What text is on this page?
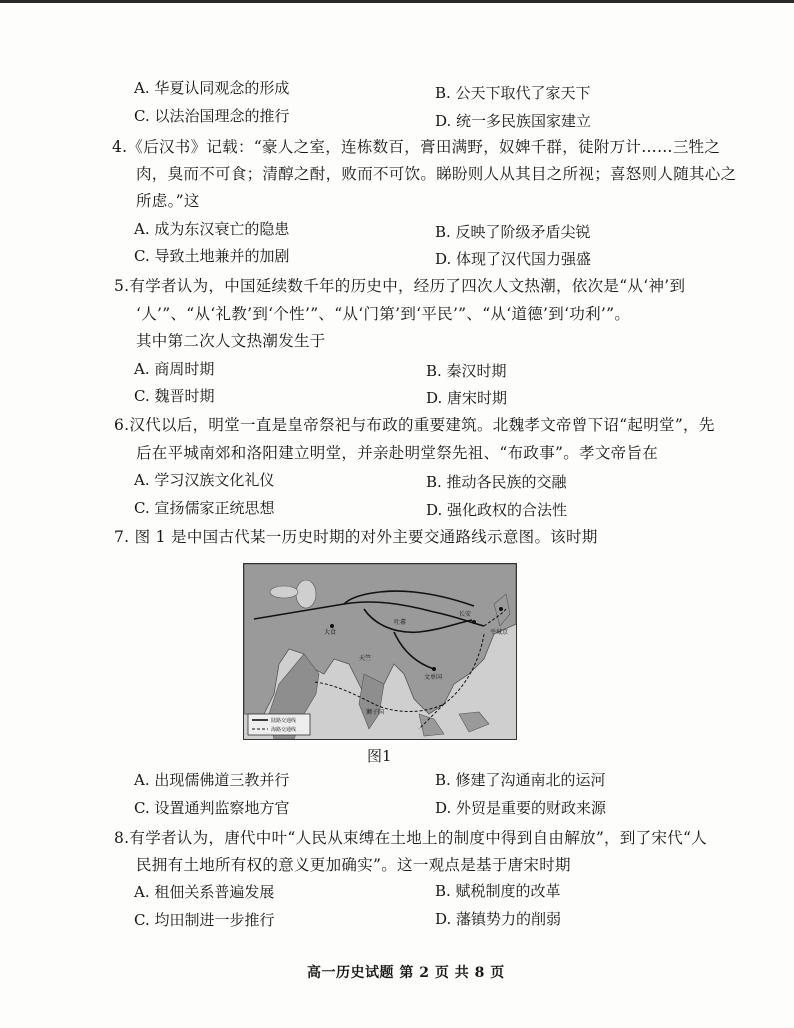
A. 华夏认同观念的形成	B. 公天下取代了家天下
C. 以法治国理念的推行	D. 统一多民族国家建立
4.《后汉书》记载：“豪人之室，连栋数百，膏田满野，奴婢千群，徒附万计……三牲之
肉，臭而不可食；清醇之酎，败而不可饮。睇盼则人从其目之所视；喜怒则人随其心之
所虑。”这
A. 成为东汉衰亡的隐患	B. 反映了阶级矛盾尖锐
C. 导致土地兼并的加剧	D. 体现了汉代国力强盛
5.有学者认为，中国延续数千年的历史中，经历了四次人文热潮，依次是“从‘神’到
‘人’”、“从‘礼教’到‘个性’”、“从‘门第’到‘平民’”、“从‘道德’到‘功利’”。
其中第二次人文热潮发生于
A. 商周时期	B. 秦汉时期
C. 魏晋时期	D. 唐宋时期
6.汉代以后，明堂一直是皇帝祭祀与布政的重要建筑。北魏孝文帝曾下诏“起明堂”，先
后在平城南郊和洛阳建立明堂，并亲赴明堂祭先祖、“布政事”。孝文帝旨在
A. 学习汉族文化礼仪	B. 推动各民族的交融
C. 宣扬儒家正统思想	D. 强化政权的合法性
7. 图 1 是中国古代某一历史时期的对外主要交通路线示意图。该时期
大食
吐蕃
天竺
长安
平城京
文单国
狮子国
陆路交通线
海路交通线
图1
A. 出现儒佛道三教并行	B. 修建了沟通南北的运河
C. 设置通判监察地方官	D. 外贸是重要的财政来源
8.有学者认为，唐代中叶“人民从束缚在土地上的制度中得到自由解放”，到了宋代“人
民拥有土地所有权的意义更加确实”。这一观点是基于唐宋时期
A. 租佃关系普遍发展	B. 赋税制度的改革
C. 均田制进一步推行	D. 藩镇势力的削弱
高一历史试题 第 2 页 共 8 页
